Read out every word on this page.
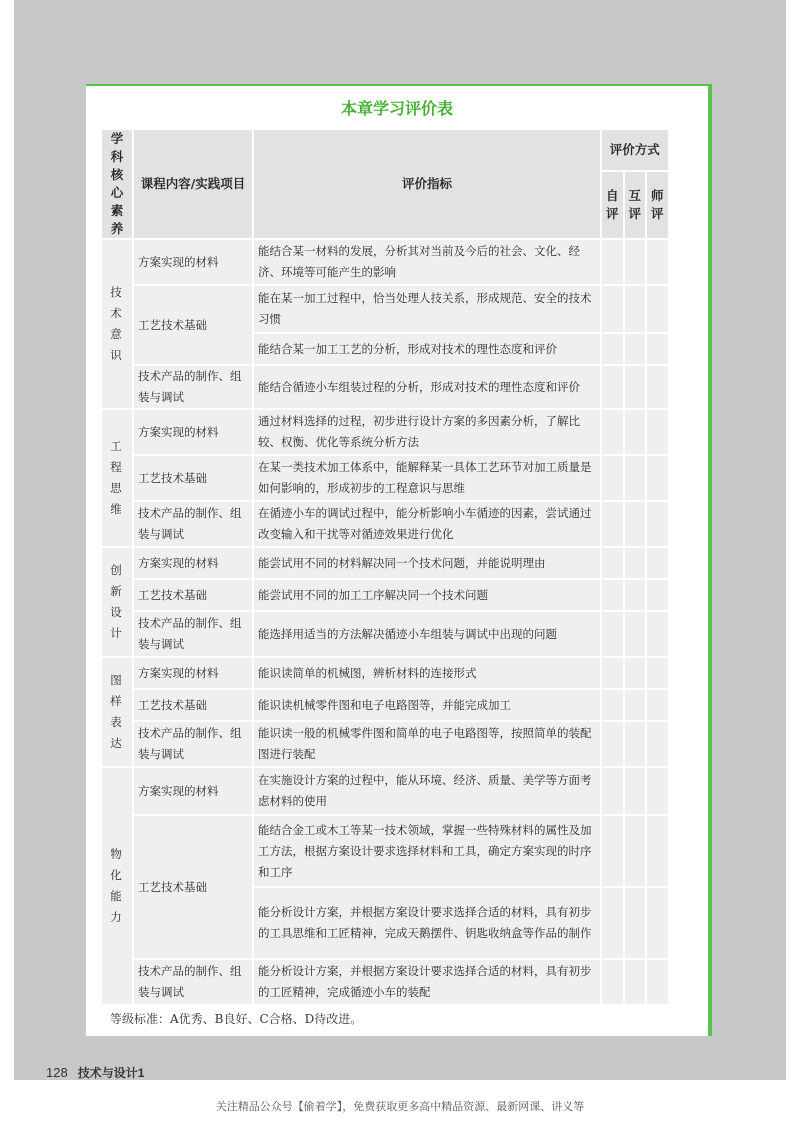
本章学习评价表
学科核心素养	课程内容/实践项目	评价指标	评价方式		
			自评	互评	师评
技术意识	方案实现的材料	能结合某一材料的发展，分析其对当前及今后的社会、文化、经济、环境等可能产生的影响			
	工艺技术基础	能在某一加工过程中，恰当处理人技关系，形成规范、安全的技术习惯			
		能结合某一加工工艺的分析，形成对技术的理性态度和评价			
	技术产品的制作、组装与调试	能结合循迹小车组装过程的分析，形成对技术的理性态度和评价			
工程思维	方案实现的材料	通过材料选择的过程，初步进行设计方案的多因素分析，了解比较、权衡、优化等系统分析方法			
	工艺技术基础	在某一类技术加工体系中，能解释某一具体工艺环节对加工质量是如何影响的，形成初步的工程意识与思维			
	技术产品的制作、组装与调试	在循迹小车的调试过程中，能分析影响小车循迹的因素，尝试通过改变输入和干扰等对循迹效果进行优化			
创新设计	方案实现的材料	能尝试用不同的材料解决同一个技术问题，并能说明理由			
	工艺技术基础	能尝试用不同的加工工序解决同一个技术问题			
	技术产品的制作、组装与调试	能选择用适当的方法解决循迹小车组装与调试中出现的问题			
图样表达	方案实现的材料	能识读简单的机械图，辨析材料的连接形式			
	工艺技术基础	能识读机械零件图和电子电路图等，并能完成加工			
	技术产品的制作、组装与调试	能识读一般的机械零件图和简单的电子电路图等，按照简单的装配图进行装配			
物化能力	方案实现的材料	在实施设计方案的过程中，能从环境、经济、质量、美学等方面考虑材料的使用			
	工艺技术基础	能结合金工或木工等某一技术领域，掌握一些特殊材料的属性及加工方法，根据方案设计要求选择材料和工具，确定方案实现的时序和工序			
		能分析设计方案，并根据方案设计要求选择合适的材料，具有初步的工具思维和工匠精神，完成天鹅摆件、钥匙收纳盒等作品的制作			
	技术产品的制作、组装与调试	能分析设计方案，并根据方案设计要求选择合适的材料，具有初步的工匠精神，完成循迹小车的装配			
等级标准：A优秀、B良好、C合格、D待改进。
128 技术与设计1
关注精品公众号【偷着学】，免费获取更多高中精品资源、最新网课、讲义等
